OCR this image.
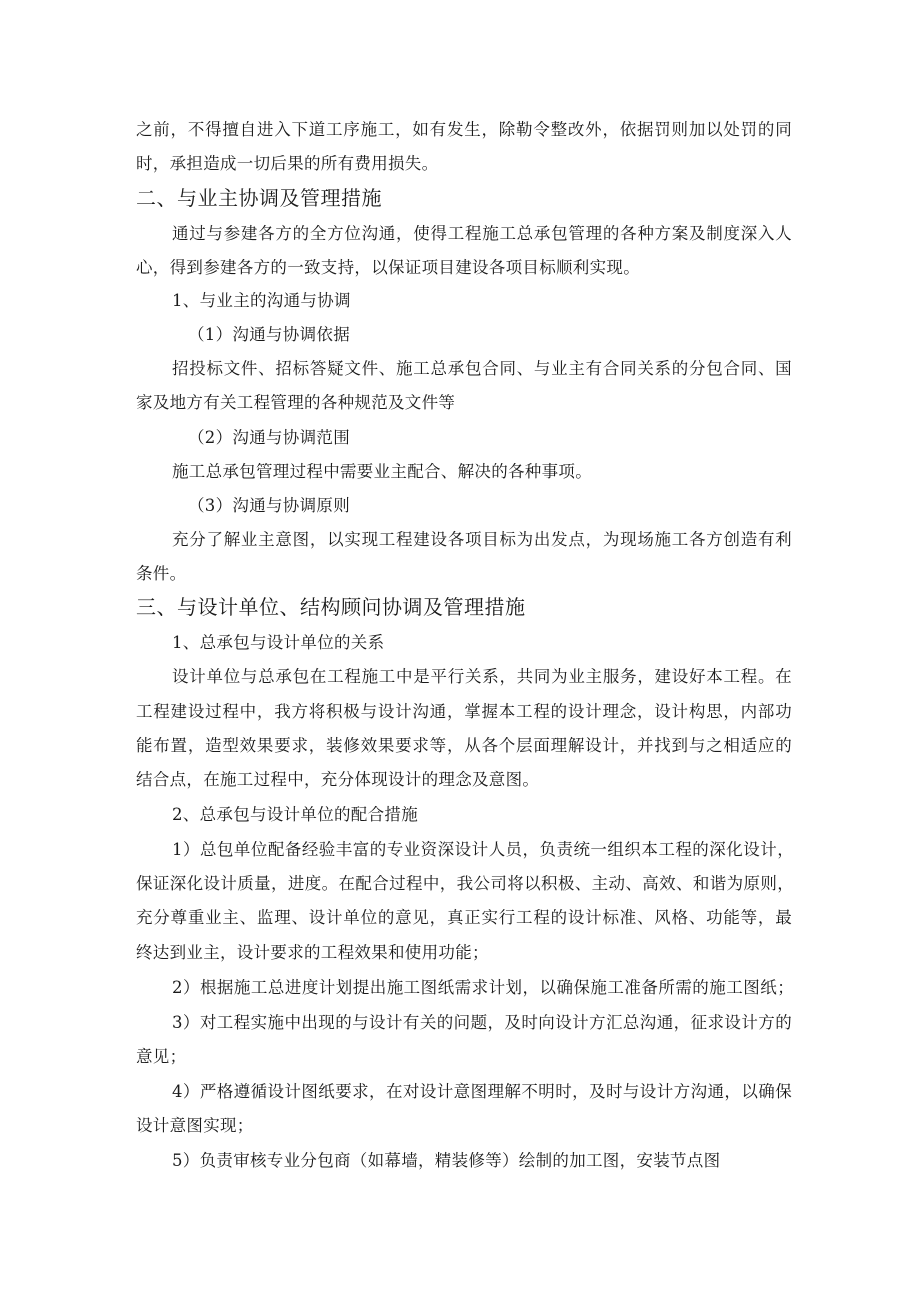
之前，不得擅自进入下道工序施工，如有发生，除勒令整改外，依据罚则加以处罚的同
时，承担造成一切后果的所有费用损失。
二、与业主协调及管理措施
通过与参建各方的全方位沟通，使得工程施工总承包管理的各种方案及制度深入人
心，得到参建各方的一致支持，以保证项目建设各项目标顺利实现。
1、与业主的沟通与协调
（1）沟通与协调依据
招投标文件、招标答疑文件、施工总承包合同、与业主有合同关系的分包合同、国
家及地方有关工程管理的各种规范及文件等
（2）沟通与协调范围
施工总承包管理过程中需要业主配合、解决的各种事项。
（3）沟通与协调原则
充分了解业主意图，以实现工程建设各项目标为出发点，为现场施工各方创造有利
条件。
三、与设计单位、结构顾问协调及管理措施
1、总承包与设计单位的关系
设计单位与总承包在工程施工中是平行关系，共同为业主服务，建设好本工程。在
工程建设过程中，我方将积极与设计沟通，掌握本工程的设计理念，设计构思，内部功
能布置，造型效果要求，装修效果要求等，从各个层面理解设计，并找到与之相适应的
结合点，在施工过程中，充分体现设计的理念及意图。
2、总承包与设计单位的配合措施
1）总包单位配备经验丰富的专业资深设计人员，负责统一组织本工程的深化设计，
保证深化设计质量，进度。在配合过程中，我公司将以积极、主动、高效、和谐为原则，
充分尊重业主、监理、设计单位的意见，真正实行工程的设计标准、风格、功能等，最
终达到业主，设计要求的工程效果和使用功能；
2）根据施工总进度计划提出施工图纸需求计划，以确保施工准备所需的施工图纸；
3）对工程实施中出现的与设计有关的问题，及时向设计方汇总沟通，征求设计方的
意见；
4）严格遵循设计图纸要求，在对设计意图理解不明时，及时与设计方沟通，以确保
设计意图实现；
5）负责审核专业分包商（如幕墙，精装修等）绘制的加工图，安装节点图
